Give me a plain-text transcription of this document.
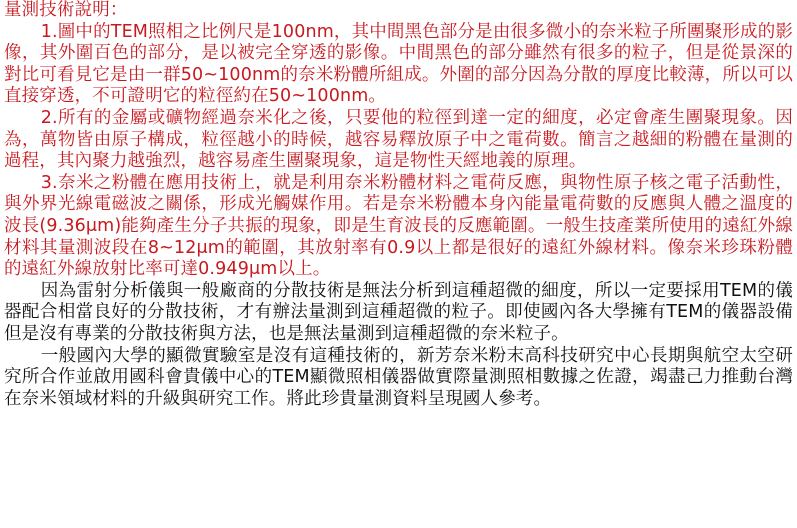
量測技術說明：

1.圖中的TEM照相之比例尺是100nm，其中間黑色部分是由很多微小的奈米粒子所團聚形成的影像，其外圍百色的部分，是以被完全穿透的影像。中間黑色的部分雖然有很多的粒子，但是從景深的對比可看見它是由一群50~100nm的奈米粉體所組成。外圍的部分因為分散的厚度比較薄，所以可以直接穿透，不可證明它的粒徑約在50~100nm。

2.所有的金屬或礦物經過奈米化之後，只要他的粒徑到達一定的細度，必定會產生團聚現象。因為，萬物皆由原子構成，粒徑越小的時候，越容易釋放原子中之電荷數。簡言之越細的粉體在量測的過程，其內聚力越強烈，越容易產生團聚現象，這是物性天經地義的原理。

3.奈米之粉體在應用技術上，就是利用奈米粉體材料之電荷反應，與物性原子核之電子活動性，與外界光線電磁波之關係，形成光觸媒作用。若是奈米粉體本身內能量電荷數的反應與人體之溫度的波長(9.36μm)能夠產生分子共振的現象，即是生育波長的反應範圍。一般生技產業所使用的遠紅外線材料其量測波段在8~12μm的範圍，其放射率有0.9以上都是很好的遠紅外線材料。像奈米珍珠粉體的遠紅外線放射比率可達0.949μm以上。

因為雷射分析儀與一般廠商的分散技術是無法分析到這種超微的細度，所以一定要採用TEM的儀器配合相當良好的分散技術，才有辦法量測到這種超微的粒子。即使國內各大學擁有TEM的儀器設備但是沒有專業的分散技術與方法，也是無法量測到這種超微的奈米粒子。

一般國內大學的顯微實驗室是沒有這種技術的，新芳奈米粉末高科技研究中心長期與航空太空研究所合作並啟用國科會貴儀中心的TEM顯微照相儀器做實際量測照相數據之佐證，竭盡己力推動台灣在奈米領域材料的升級與研究工作。將此珍貴量測資料呈現國人參考。
